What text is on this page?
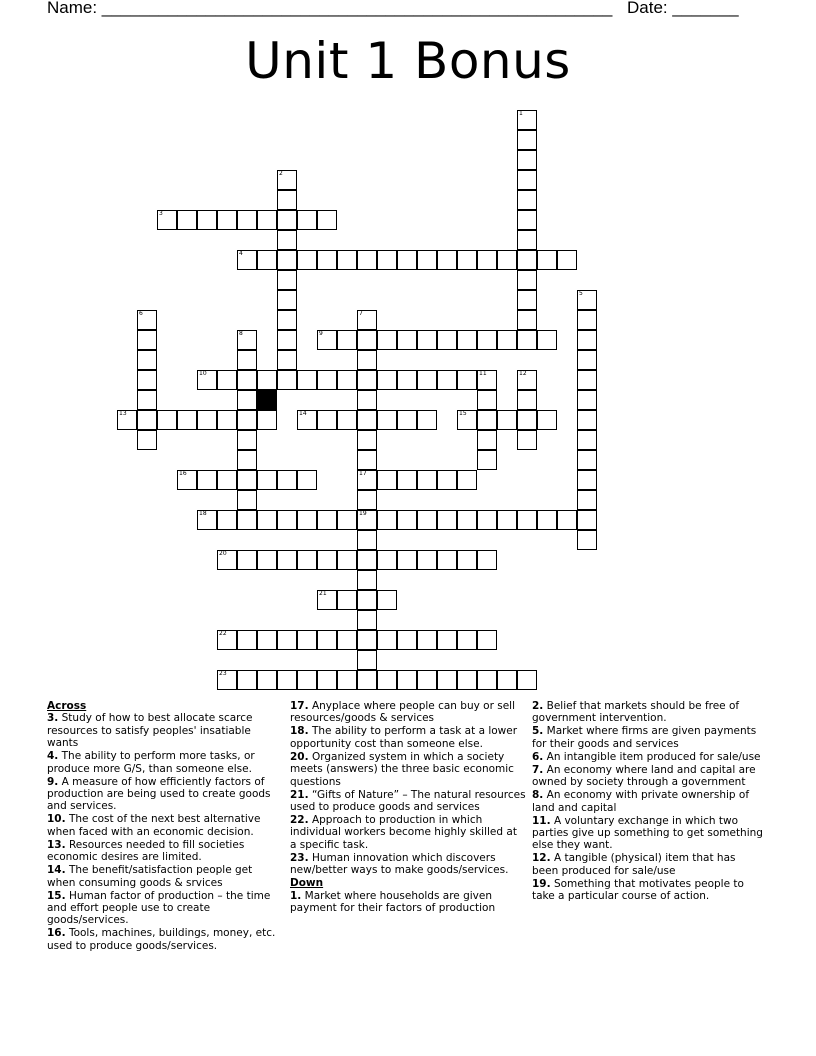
Name: ______________________________________________________ Date: _______
Unit 1 Bonus
3
4
9
10	11	12
13	14	15
16	17
18	19
20
21
22
23
1
2
5
6	7
8
Across
3. Study of how to best allocate scarce resources to satisfy peoples' insatiable wants
4. The ability to perform more tasks, or produce more G/S, than someone else.
9. A measure of how efficiently factors of production are being used to create goods and services.
10. The cost of the next best alternative when faced with an economic decision.
13. Resources needed to fill societies economic desires are limited.
14. The benefit/satisfaction people get when consuming goods & srvices
15. Human factor of production – the time and effort people use to create goods/services.
16. Tools, machines, buildings, money, etc. used to produce goods/services.
17. Anyplace where people can buy or sell resources/goods & services
18. The ability to perform a task at a lower opportunity cost than someone else.
20. Organized system in which a society meets (answers) the three basic economic questions
21. “Gifts of Nature” – The natural resources used to produce goods and services
22. Approach to production in which individual workers become highly skilled at a specific task.
23. Human innovation which discovers new/better ways to make goods/services.
Down
1. Market where households are given payment for their factors of production
2. Belief that markets should be free of government intervention.
5. Market where firms are given payments for their goods and services
6. An intangible item produced for sale/use
7. An economy where land and capital are owned by society through a government
8. An economy with private ownership of land and capital
11. A voluntary exchange in which two parties give up something to get something else they want.
12. A tangible (physical) item that has been produced for sale/use
19. Something that motivates people to take a particular course of action.
